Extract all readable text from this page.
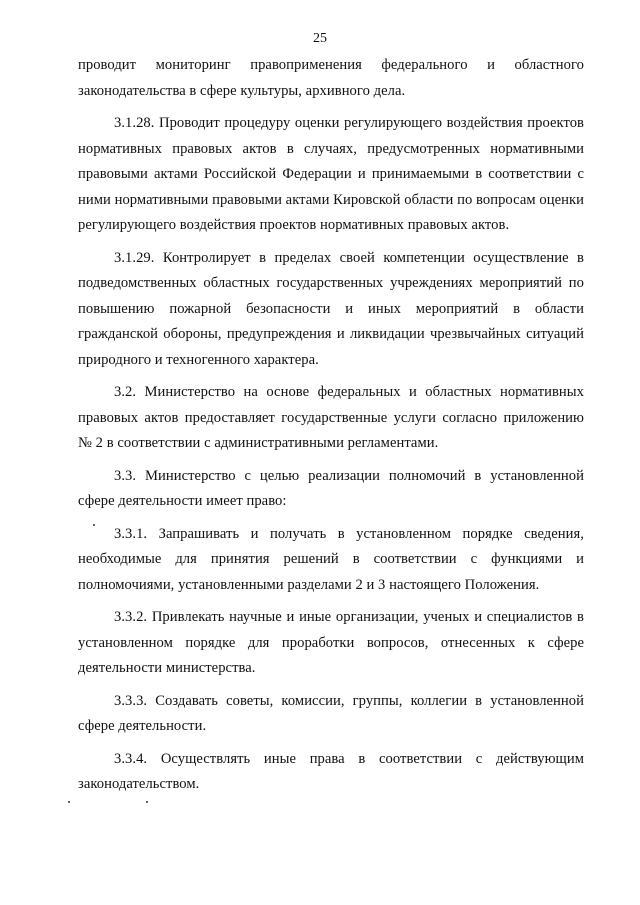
25

проводит мониторинг правоприменения федерального и областного законодательства в сфере культуры, архивного дела.

3.1.28. Проводит процедуру оценки регулирующего воздействия проектов нормативных правовых актов в случаях, предусмотренных нормативными правовыми актами Российской Федерации и принимаемыми в соответствии с ними нормативными правовыми актами Кировской области по вопросам оценки регулирующего воздействия проектов нормативных правовых актов.

3.1.29. Контролирует в пределах своей компетенции осуществление в подведомственных областных государственных учреждениях мероприятий по повышению пожарной безопасности и иных мероприятий в области гражданской обороны, предупреждения и ликвидации чрезвычайных ситуаций природного и техногенного характера.

3.2. Министерство на основе федеральных и областных нормативных правовых актов предоставляет государственные услуги согласно приложению № 2 в соответствии с административными регламентами.

3.3. Министерство с целью реализации полномочий в установленной сфере деятельности имеет право:

3.3.1. Запрашивать и получать в установленном порядке сведения, необходимые для принятия решений в соответствии с функциями и полномочиями, установленными разделами 2 и 3 настоящего Положения.

3.3.2. Привлекать научные и иные организации, ученых и специалистов в установленном порядке для проработки вопросов, отнесенных к сфере деятельности министерства.

3.3.3. Создавать советы, комиссии, группы, коллегии в установленной сфере деятельности.

3.3.4. Осуществлять иные права в соответствии с действующим законодательством.
